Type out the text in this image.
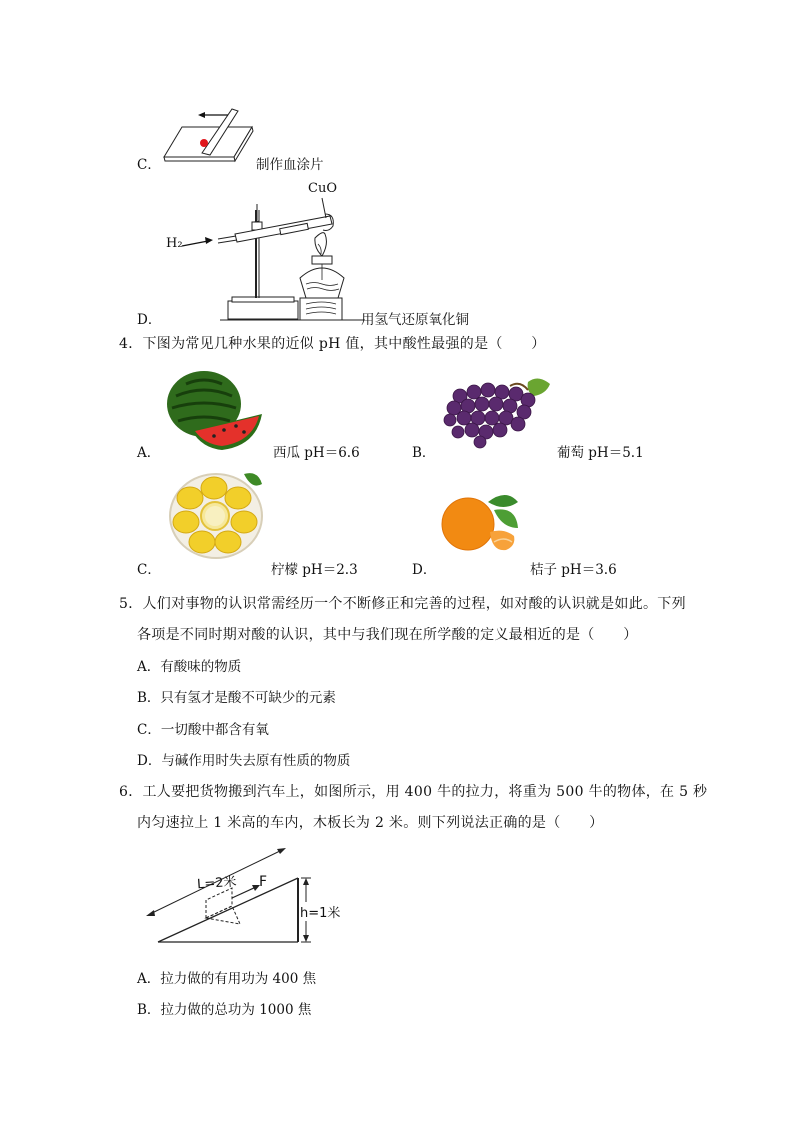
C．	制作血涂片
CuO
H₂
D．	用氢气还原氧化铜
4．下图为常见几种水果的近似 pH 值，其中酸性最强的是（　　）
A．	西瓜 pH＝6.6	B．	葡萄 pH＝5.1
C．	柠檬 pH＝2.3	D．	桔子 pH＝3.6
5．人们对事物的认识常需经历一个不断修正和完善的过程，如对酸的认识就是如此。下列
各项是不同时期对酸的认识，其中与我们现在所学酸的定义最相近的是（　　）
A．有酸味的物质
B．只有氢才是酸不可缺少的元素
C．一切酸中都含有氧
D．与碱作用时失去原有性质的物质
6．工人要把货物搬到汽车上，如图所示，用 400 牛的拉力，将重为 500 牛的物体，在 5 秒
内匀速拉上 1 米高的车内，木板长为 2 米。则下列说法正确的是（　　）
L=2米 F
h=1米
A．拉力做的有用功为 400 焦
B．拉力做的总功为 1000 焦
